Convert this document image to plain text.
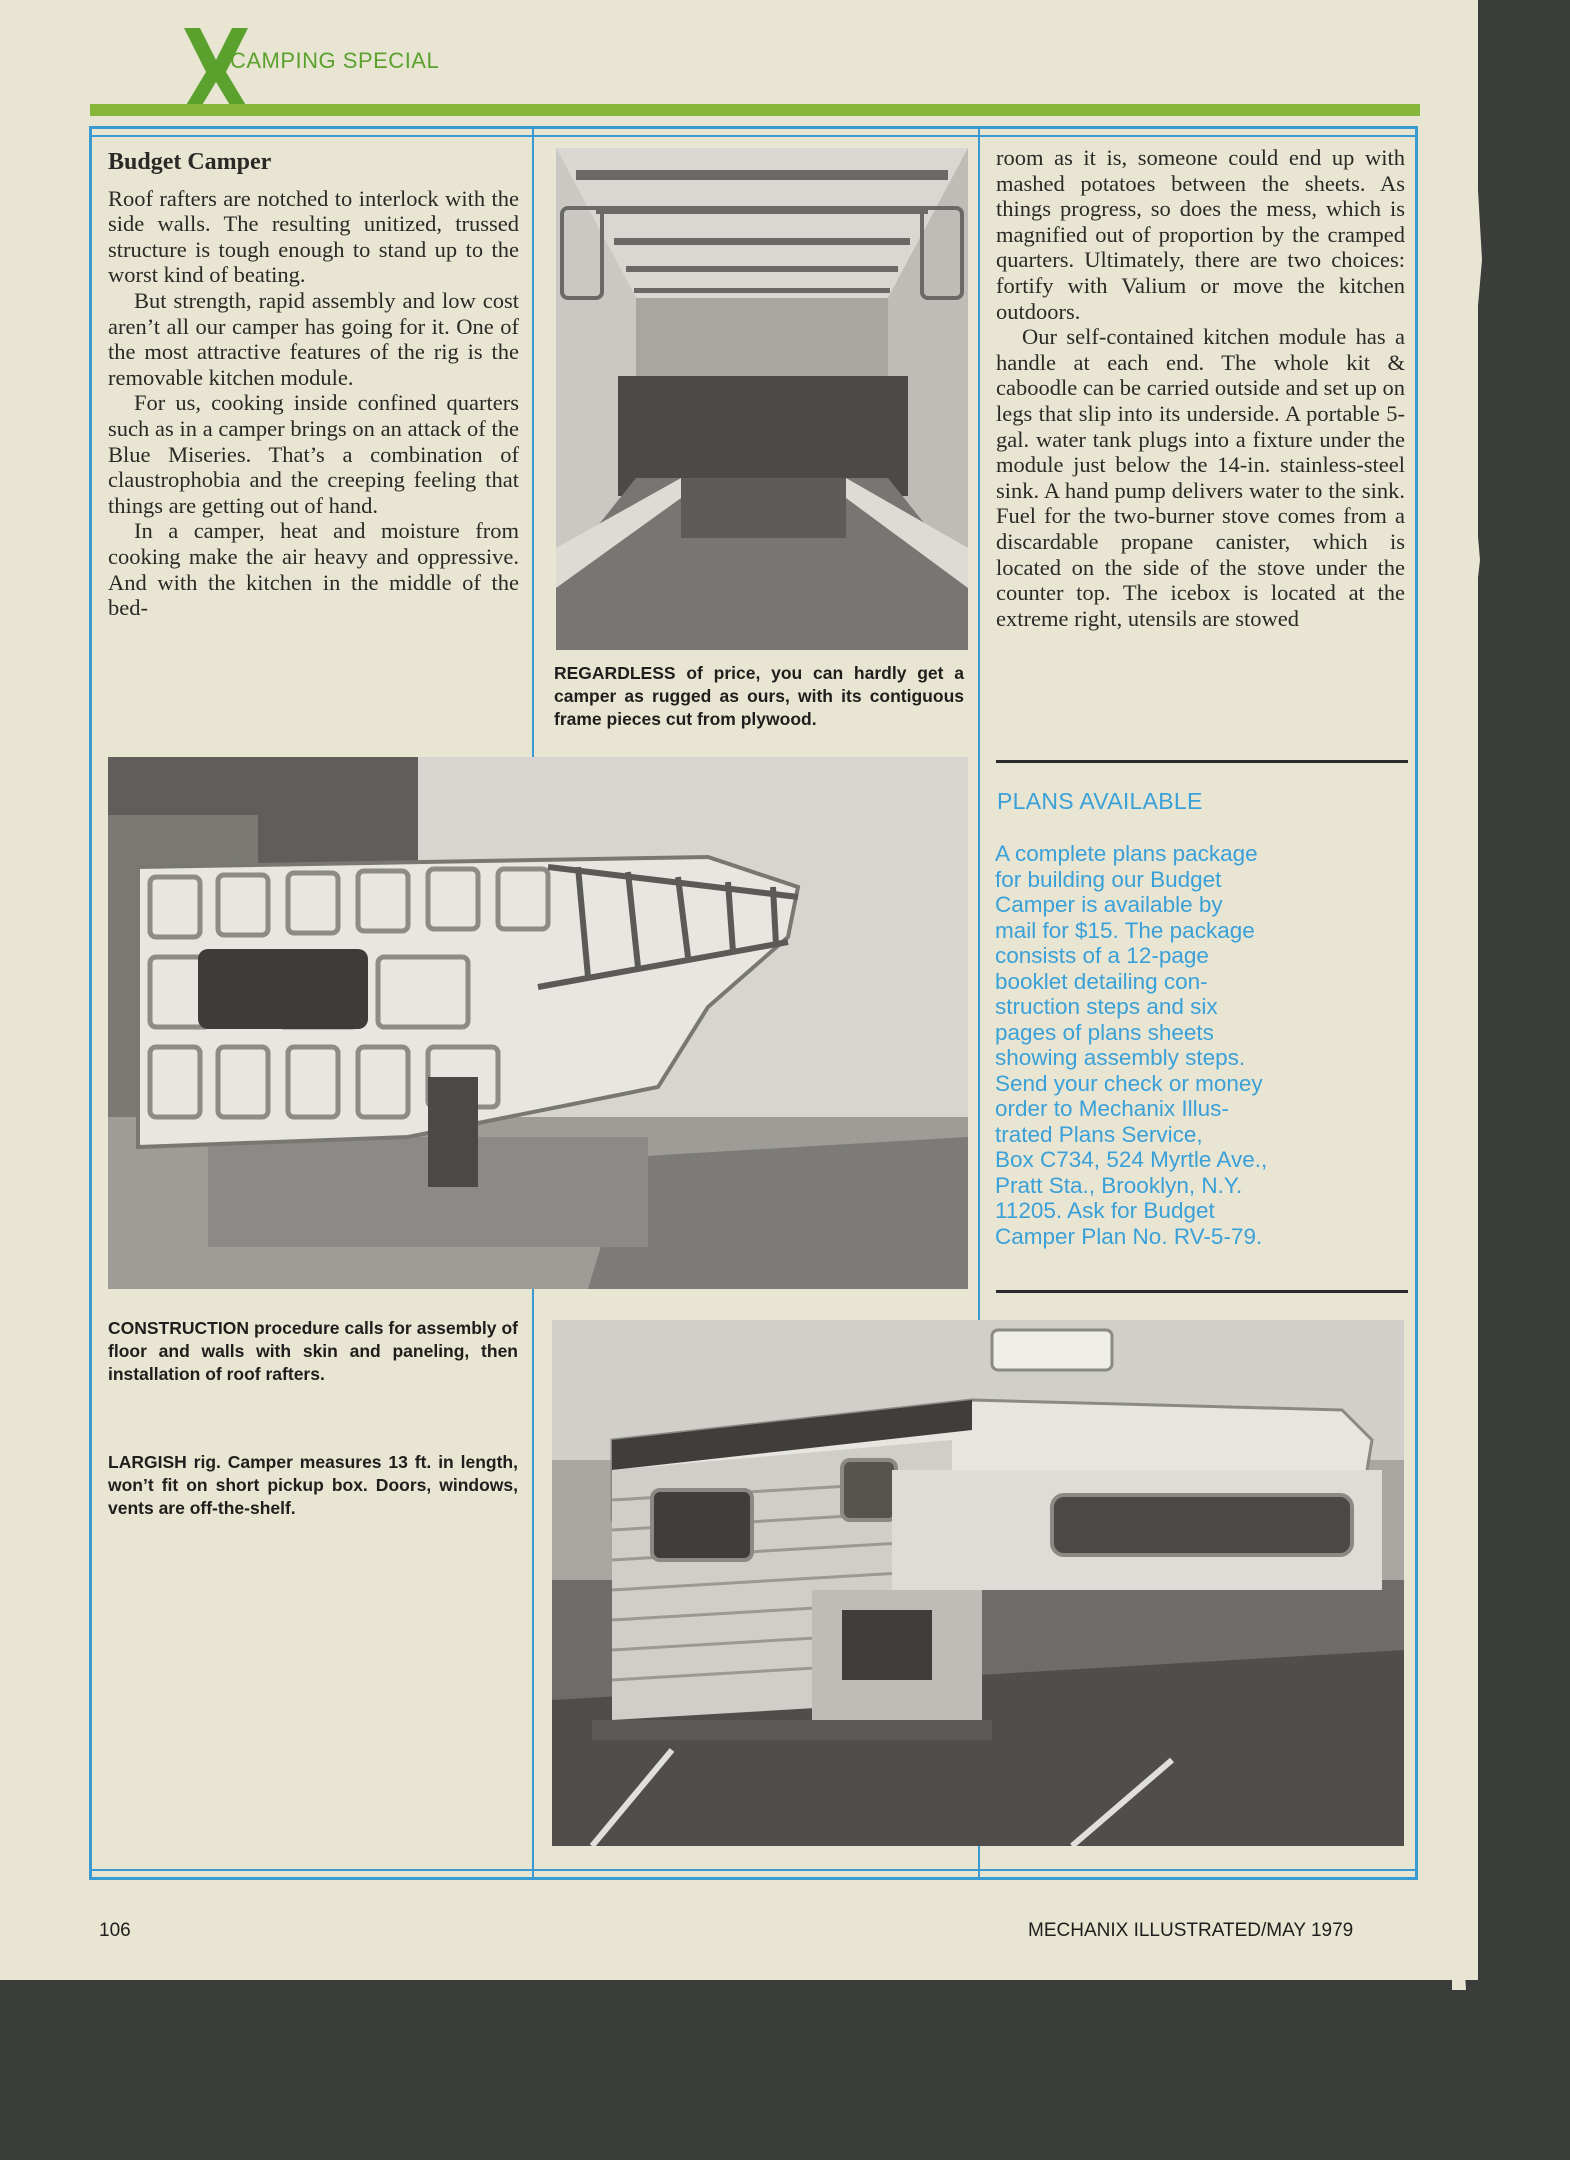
CAMPING SPECIAL
Budget Camper

Roof rafters are notched to interlock with the side walls. The resulting unitized, trussed structure is tough enough to stand up to the worst kind of beating.

But strength, rapid assembly and low cost aren’t all our camper has going for it. One of the most attractive features of the rig is the removable kitchen module.

For us, cooking inside confined quarters such as in a camper brings on an attack of the Blue Miseries. That’s a combination of claustrophobia and the creeping feeling that things are getting out of hand.

In a camper, heat and moisture from cooking make the air heavy and oppressive. And with the kitchen in the middle of the bed-

REGARDLESS of price, you can hardly get a camper as rugged as ours, with its contiguous frame pieces cut from plywood.

room as it is, someone could end up with mashed potatoes between the sheets. As things progress, so does the mess, which is magnified out of proportion by the cramped quarters. Ultimately, there are two choices: fortify with Valium or move the kitchen outdoors.

Our self-contained kitchen module has a handle at each end. The whole kit & caboodle can be carried outside and set up on legs that slip into its underside. A portable 5-gal. water tank plugs into a fixture under the module just below the 14-in. stainless-steel sink. A hand pump delivers water to the sink. Fuel for the two-burner stove comes from a discardable propane canister, which is located on the side of the stove under the counter top. The icebox is located at the extreme right, utensils are stowed

PLANS AVAILABLE
A complete plans package
for building our Budget
Camper is available by
mail for $15. The package
consists of a 12-page
booklet detailing con-
struction steps and six
pages of plans sheets
showing assembly steps.
Send your check or money
order to Mechanix Illus-
trated Plans Service,
Box C734, 524 Myrtle Ave.,
Pratt Sta., Brooklyn, N.Y.
11205. Ask for Budget
Camper Plan No. RV-5-79.
CONSTRUCTION procedure calls for assembly of floor and walls with skin and paneling, then installation of roof rafters.
LARGISH rig. Camper measures 13 ft. in length, won’t fit on short pickup box. Doors, windows, vents are off-the-shelf.
106	MECHANIX ILLUSTRATED/MAY 1979
